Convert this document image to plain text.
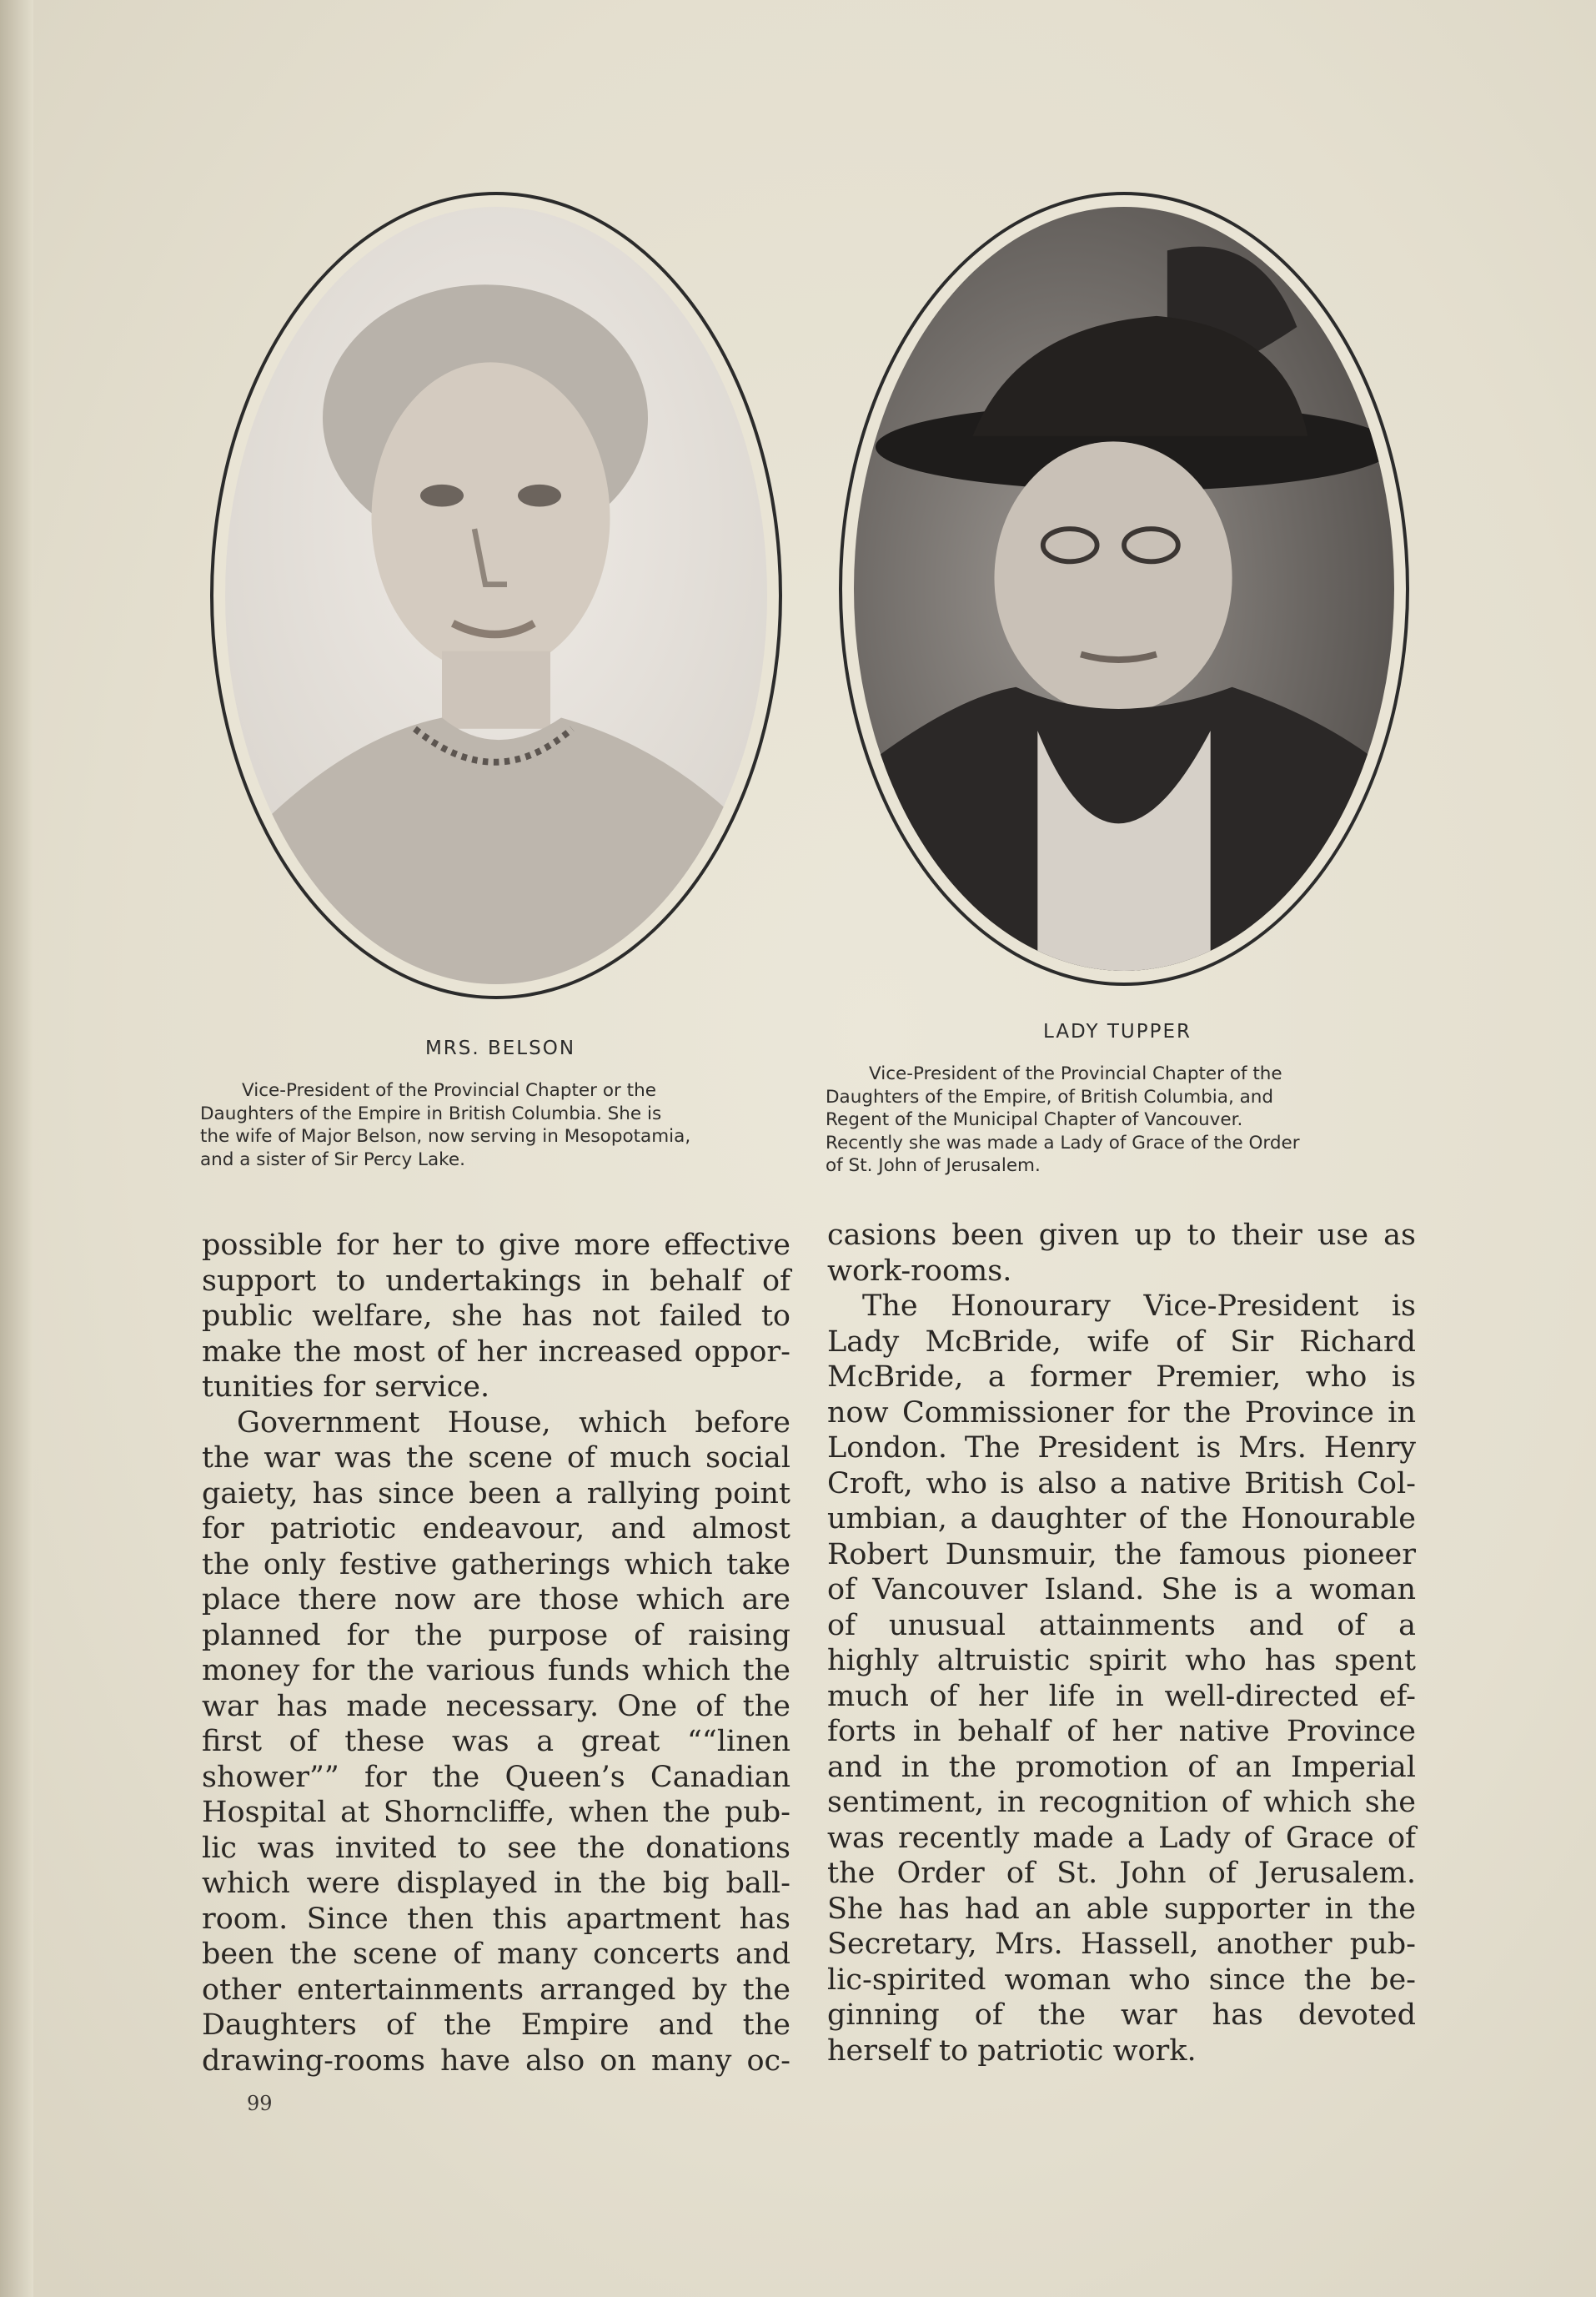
MRS. BELSON
Vice-President of the Provincial Chapter or the
Daughters of the Empire in British Columbia. She is
the wife of Major Belson, now serving in Mesopotamia,
and a sister of Sir Percy Lake.
LADY TUPPER
Vice-President of the Provincial Chapter of the
Daughters of the Empire, of British Columbia, and
Regent of the Municipal Chapter of Vancouver.
Recently she was made a Lady of Grace of the Order
of St. John of Jerusalem.
possible for her to give more effective
support to undertakings in behalf of
public welfare, she has not failed to
make the most of her increased oppor-
tunities for service.
Government House, which before
the war was the scene of much social
gaiety, has since been a rallying point
for patriotic endeavour, and almost
the only festive gatherings which take
place there now are those which are
planned for the purpose of raising
money for the various funds which the
war has made necessary. One of the
first of these was a great ““linen
shower”” for the Queen’s Canadian
Hospital at Shorncliffe, when the pub-
lic was invited to see the donations
which were displayed in the big ball-
room. Since then this apartment has
been the scene of many concerts and
other entertainments arranged by the
Daughters of the Empire and the
drawing-rooms have also on many oc-
casions been given up to their use as
work-rooms.
The Honourary Vice-President is
Lady McBride, wife of Sir Richard
McBride, a former Premier, who is
now Commissioner for the Province in
London. The President is Mrs. Henry
Croft, who is also a native British Col-
umbian, a daughter of the Honourable
Robert Dunsmuir, the famous pioneer
of Vancouver Island. She is a woman
of unusual attainments and of a
highly altruistic spirit who has spent
much of her life in well-directed ef-
forts in behalf of her native Province
and in the promotion of an Imperial
sentiment, in recognition of which she
was recently made a Lady of Grace of
the Order of St. John of Jerusalem.
She has had an able supporter in the
Secretary, Mrs. Hassell, another pub-
lic-spirited woman who since the be-
ginning of the war has devoted
herself to patriotic work.
99
